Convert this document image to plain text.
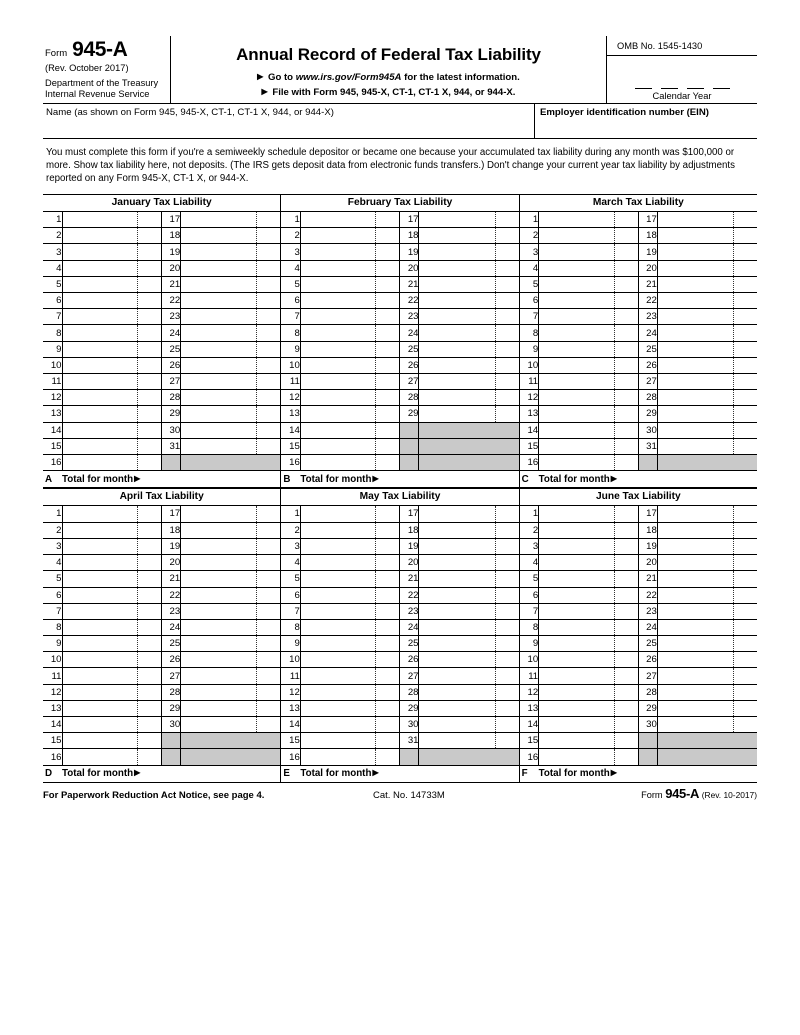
Form 945-A
(Rev. October 2017)
Department of the Treasury
Internal Revenue Service
Annual Record of Federal Tax Liability
▶ Go to www.irs.gov/Form945A for the latest information.
▶ File with Form 945, 945-X, CT-1, CT-1 X, 944, or 944-X.
OMB No. 1545-1430
Calendar Year
Name (as shown on Form 945, 945-X, CT-1, CT-1 X, 944, or 944-X)	Employer identification number (EIN)
You must complete this form if you're a semiweekly schedule depositor or became one because your accumulated tax liability during any month was $100,000 or more. Show tax liability here, not deposits. (The IRS gets deposit data from electronic funds transfers.) Don't change your current year tax liability by adjustments reported on any Form 945-X, CT-1 X, or 944-X.
January Tax Liability
1		17	

2		18	

3		19	

4		20	

5		21	

6		22	

7		23	

8		24	

9		25	

10		26	

11		27	

12		28	

13		29	

14		30	

15		31	

16	

A	Total for month ▶
February Tax Liability
1		17	

2		18	

3		19	

4		20	

5		21	

6		22	

7		23	

8		24	

9		25	

10		26	

11		27	

12		28	

13		29	

14	

15	

16	

B	Total for month ▶
March Tax Liability
1		17	

2		18	

3		19	

4		20	

5		21	

6		22	

7		23	

8		24	

9		25	

10		26	

11		27	

12		28	

13		29	

14		30	

15		31	

16	

C	Total for month ▶
April Tax Liability
1		17	

2		18	

3		19	

4		20	

5		21	

6		22	

7		23	

8		24	

9		25	

10		26	

11		27	

12		28	

13		29	

14		30	

15	

16	

D	Total for month ▶
May Tax Liability
1		17	

2		18	

3		19	

4		20	

5		21	

6		22	

7		23	

8		24	

9		25	

10		26	

11		27	

12		28	

13		29	

14		30	

15		31	

16	

E	Total for month ▶
June Tax Liability
1		17	

2		18	

3		19	

4		20	

5		21	

6		22	

7		23	

8		24	

9		25	

10		26	

11		27	

12		28	

13		29	

14		30	

15	

16	

F	Total for month ▶
For Paperwork Reduction Act Notice, see page 4.	Cat. No. 14733M	Form 945-A (Rev. 10-2017)
